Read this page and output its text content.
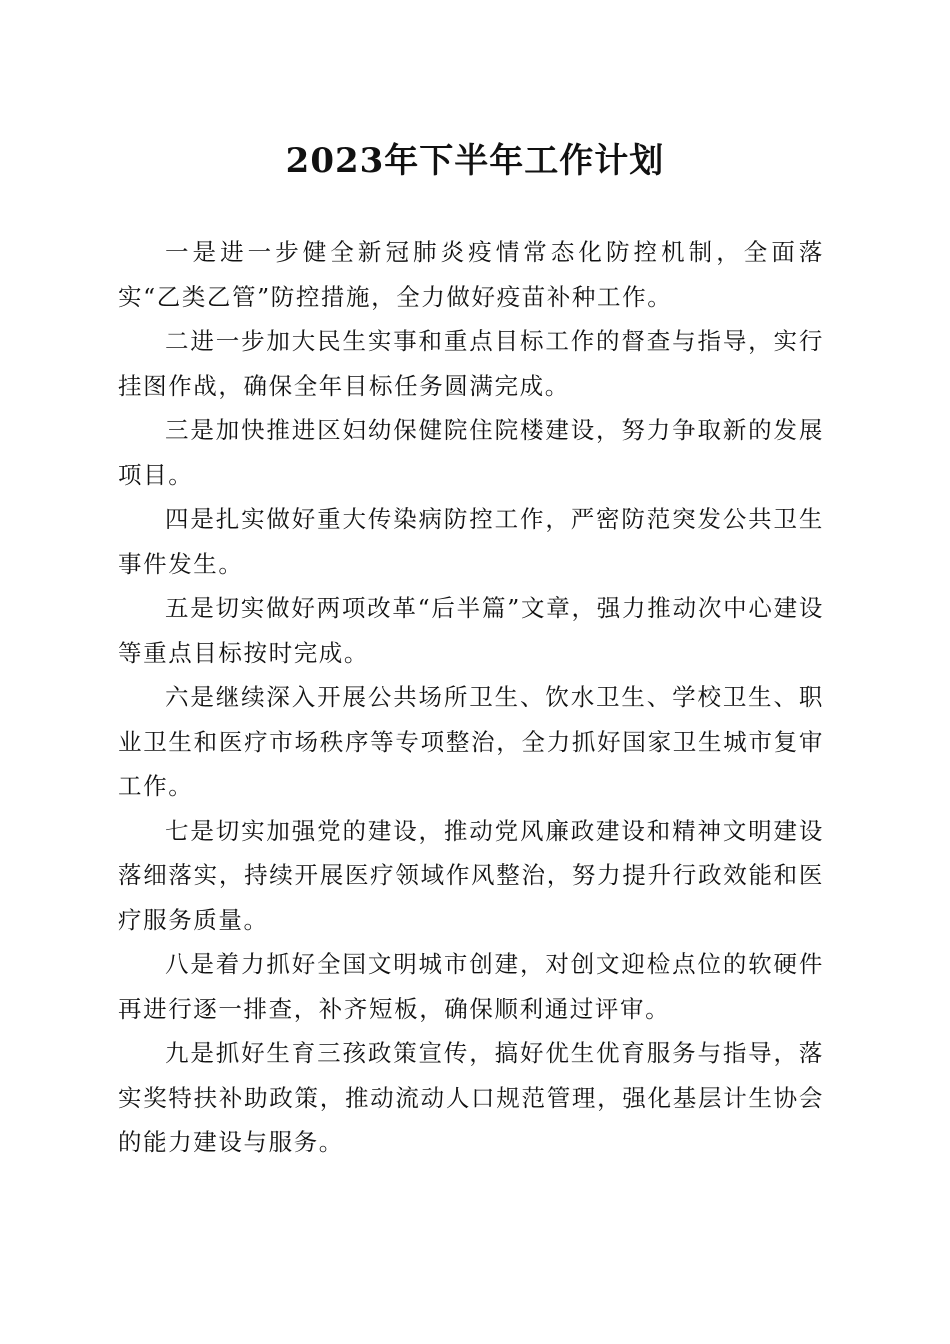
2023年下半年工作计划

一是进一步健全新冠肺炎疫情常态化防控机制，全面落实“乙类乙管”防控措施，全力做好疫苗补种工作。

二进一步加大民生实事和重点目标工作的督查与指导，实行挂图作战，确保全年目标任务圆满完成。

三是加快推进区妇幼保健院住院楼建设，努力争取新的发展项目。

四是扎实做好重大传染病防控工作，严密防范突发公共卫生事件发生。

五是切实做好两项改革“后半篇”文章，强力推动次中心建设等重点目标按时完成。

六是继续深入开展公共场所卫生、饮水卫生、学校卫生、职业卫生和医疗市场秩序等专项整治，全力抓好国家卫生城市复审工作。

七是切实加强党的建设，推动党风廉政建设和精神文明建设落细落实，持续开展医疗领域作风整治，努力提升行政效能和医疗服务质量。

八是着力抓好全国文明城市创建，对创文迎检点位的软硬件再进行逐一排查，补齐短板，确保顺利通过评审。

九是抓好生育三孩政策宣传，搞好优生优育服务与指导，落实奖特扶补助政策，推动流动人口规范管理，强化基层计生协会的能力建设与服务。
